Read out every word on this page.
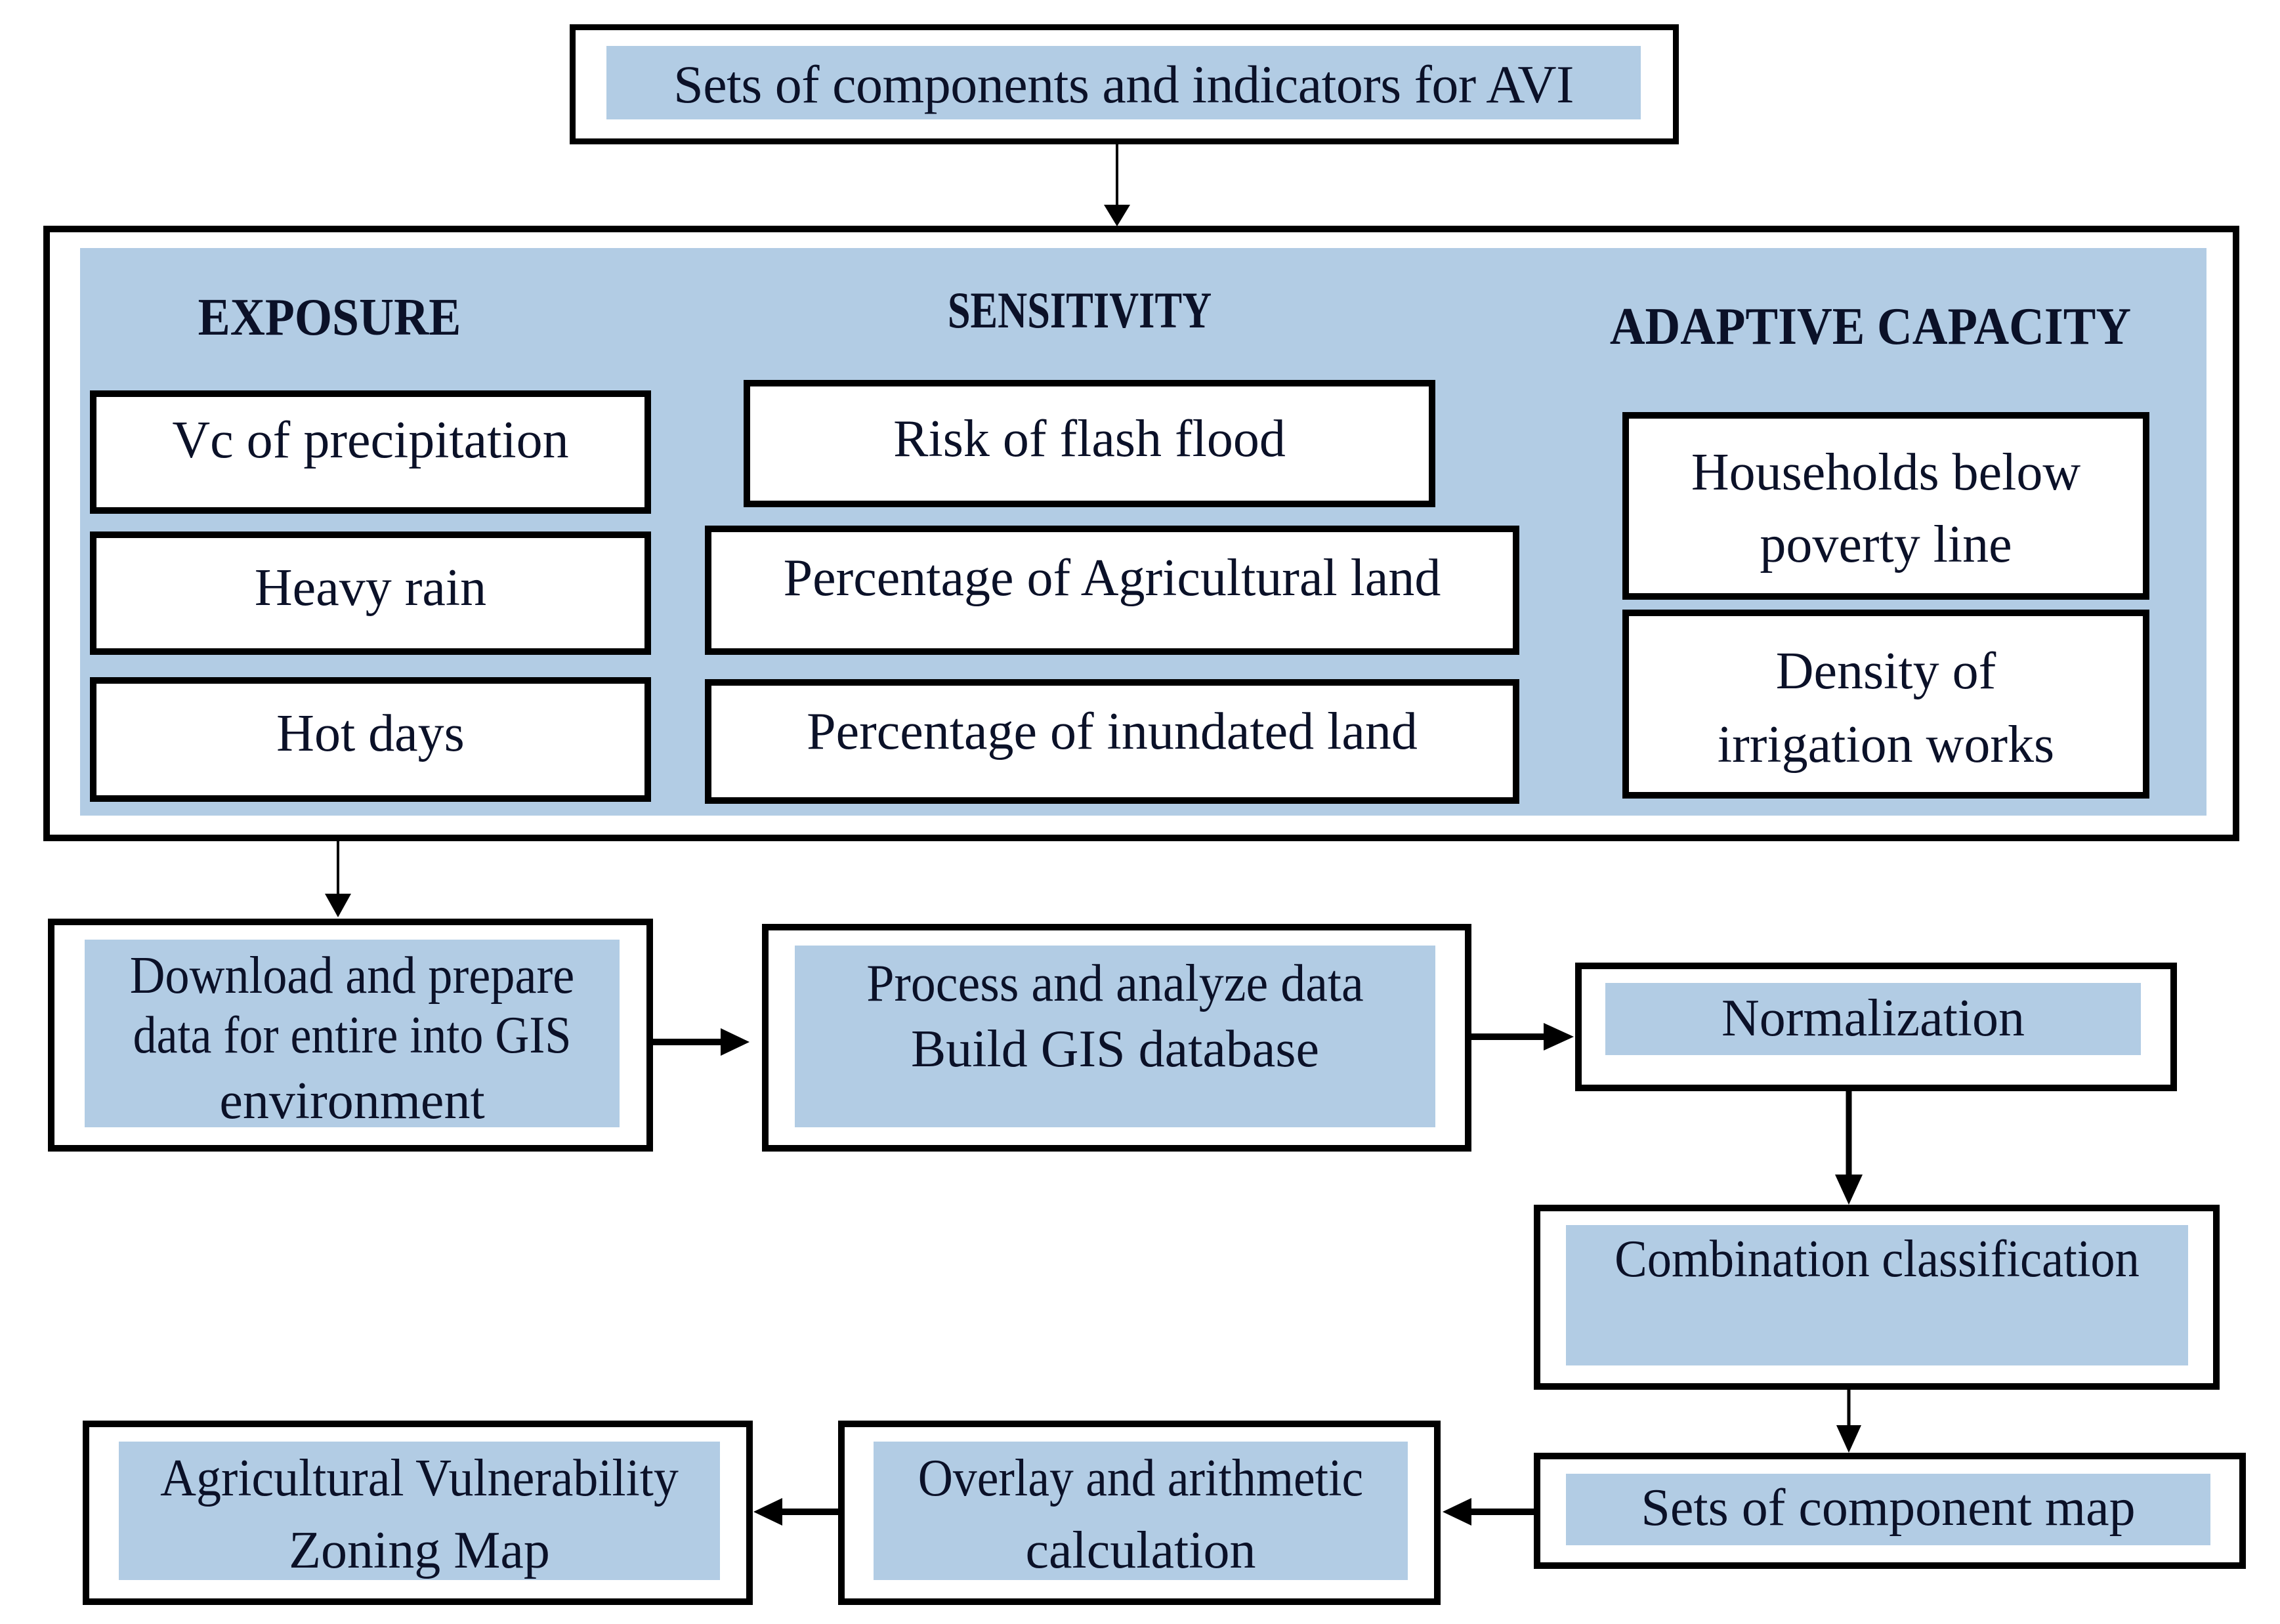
Sets of components and indicators for AVI
EXPOSURE	SENSITIVITY	ADAPTIVE CAPACITY
Vc of precipitation
Heavy rain
Hot days
Risk of flash flood
Percentage of Agricultural land
Percentage of inundated land
Households below
poverty line
Density of
irrigation works
Download and prepare
data for entire into GIS
environment
Process and analyze data
Build GIS database
Normalization
Combination classification
Sets of component map
Overlay and arithmetic
calculation
Agricultural Vulnerability
Zoning Map
